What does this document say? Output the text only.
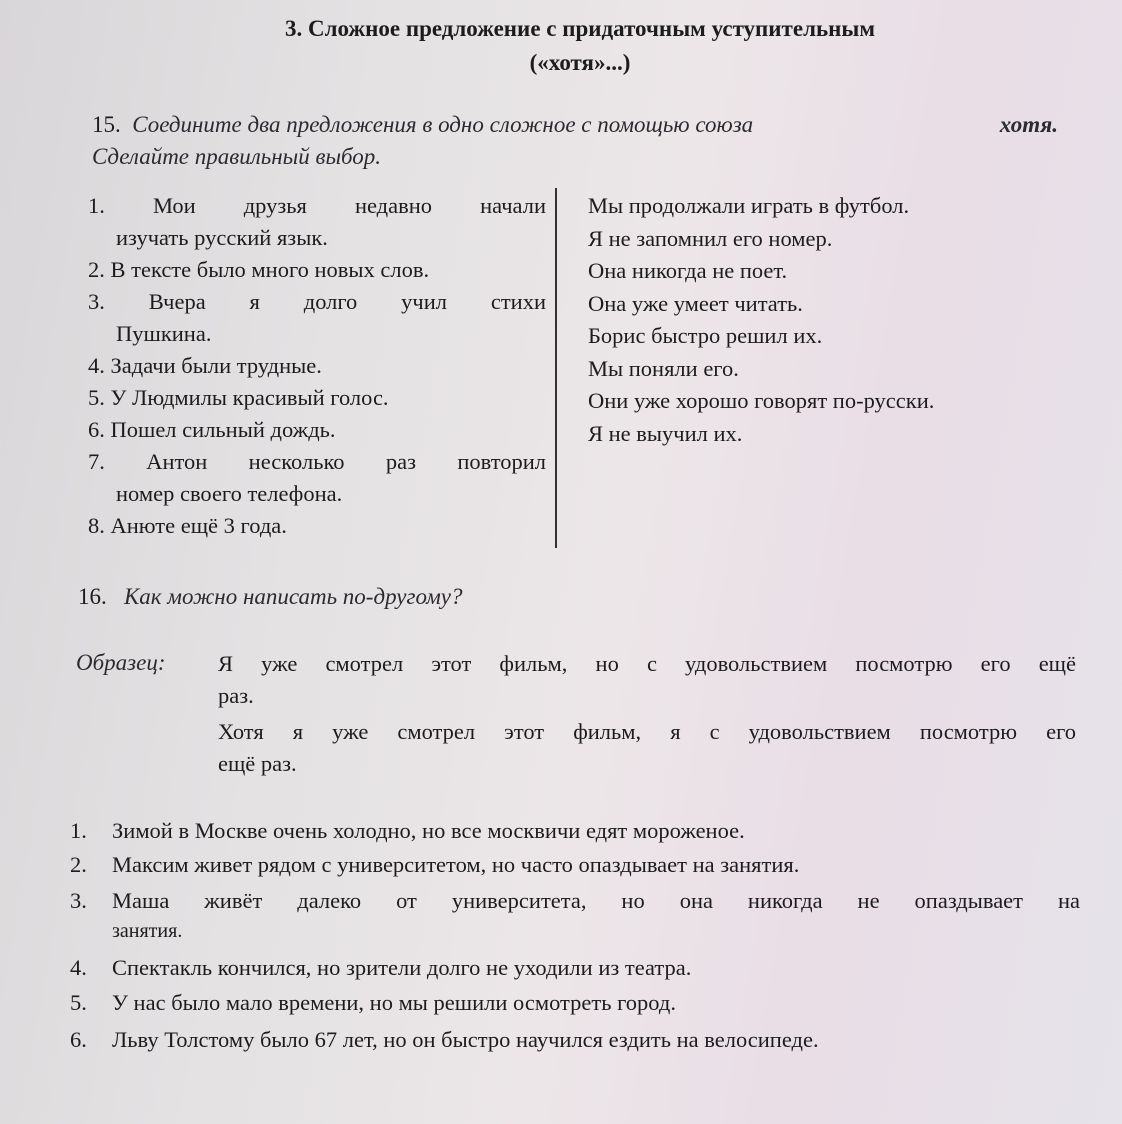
3. Сложное предложение с придаточным уступительным
(«хотя»...)
15. Соедините два предложения в одно сложное с помощью союза	хотя.
Сделайте правильный выбор.
1. Мои друзья недавно начали
изучать русский язык.
2. В тексте было много новых слов.
3. Вчера я долго учил стихи
Пушкина.
4. Задачи были трудные.
5. У Людмилы красивый голос.
6. Пошел сильный дождь.
7. Антон несколько раз повторил
номер своего телефона.
8. Анюте ещё 3 года.
Мы продолжали играть в футбол.
Я не запомнил его номер.
Она никогда не поет.
Она уже умеет читать.
Борис быстро решил их.
Мы поняли его.
Они уже хорошо говорят по-русски.
Я не выучил их.
16. Как можно написать по-другому?
Образец: Я уже смотрел этот фильм, но с удовольствием посмотрю его ещё
раз.
Хотя я уже смотрел этот фильм, я с удовольствием посмотрю его
ещё раз.
1. Зимой в Москве очень холодно, но все москвичи едят мороженое.
2. Максим живет рядом с университетом, но часто опаздывает на занятия.
3. Маша живёт далеко от университета, но она никогда не опаздывает на
занятия.
4. Спектакль кончился, но зрители долго не уходили из театра.
5. У нас было мало времени, но мы решили осмотреть город.
6. Льву Толстому было 67 лет, но он быстро научился ездить на велосипеде.
